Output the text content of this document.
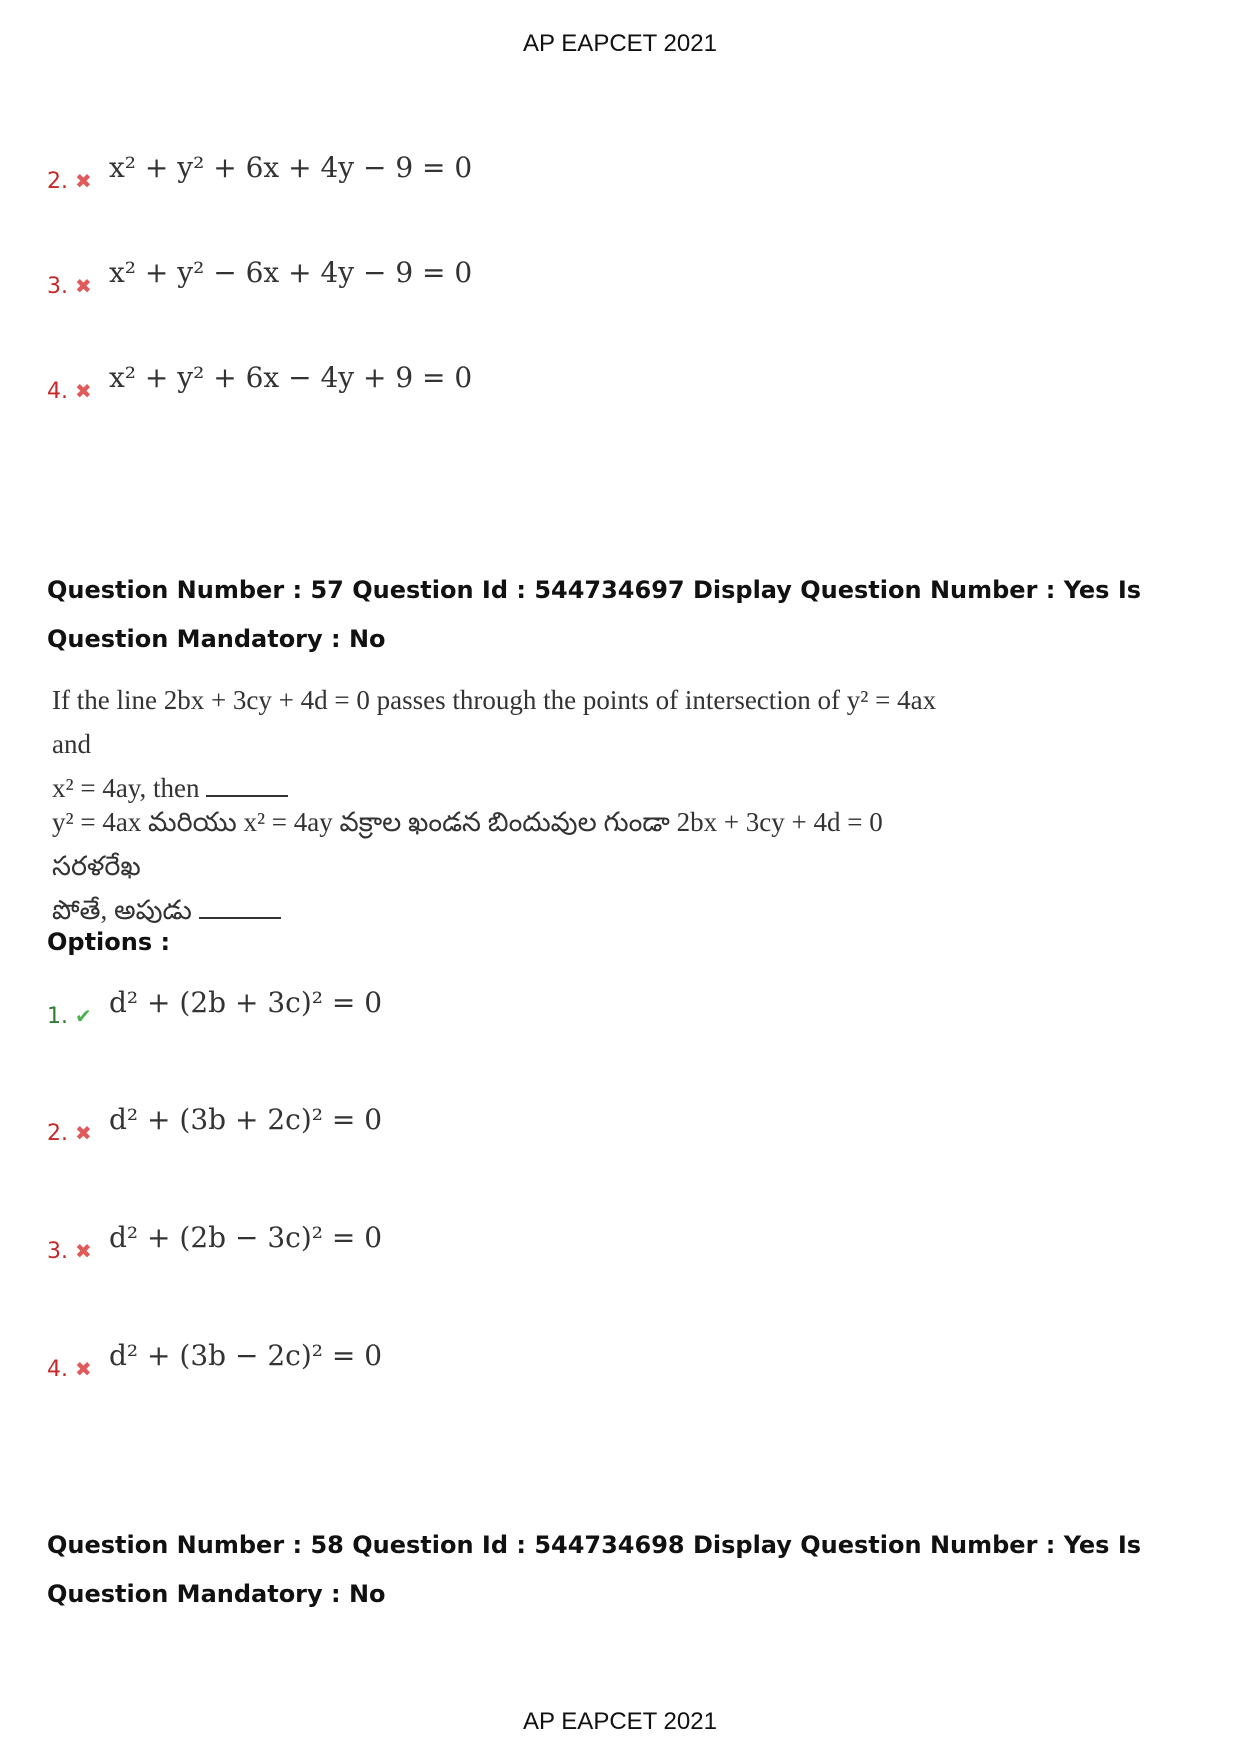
AP EAPCET 2021
2. ✖ x² + y² + 6x + 4y − 9 = 0
3. ✖ x² + y² − 6x + 4y − 9 = 0
4. ✖ x² + y² + 6x − 4y + 9 = 0
Question Number : 57 Question Id : 544734697 Display Question Number : Yes Is Question Mandatory : No
If the line 2bx + 3cy + 4d = 0 passes through the points of intersection of y² = 4ax and
x² = 4ay, then
y² = 4ax మరియు x² = 4ay వక్రాల ఖండన బిందువుల గుండా 2bx + 3cy + 4d = 0 సరళరేఖ
పోతే, అపుడు
Options :
1. ✔ d² + (2b + 3c)² = 0
2. ✖ d² + (3b + 2c)² = 0
3. ✖ d² + (2b − 3c)² = 0
4. ✖ d² + (3b − 2c)² = 0
Question Number : 58 Question Id : 544734698 Display Question Number : Yes Is Question Mandatory : No
AP EAPCET 2021
